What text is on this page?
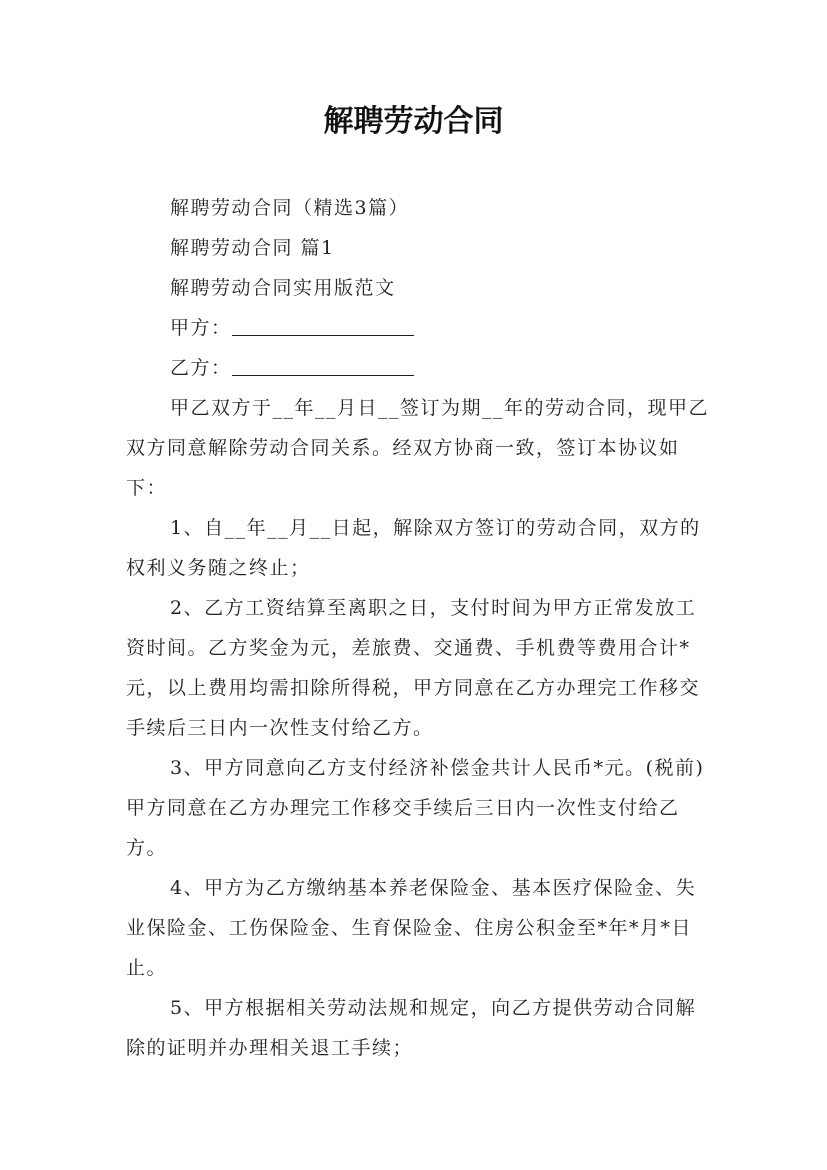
解聘劳动合同

解聘劳动合同（精选3篇）

解聘劳动合同 篇1

解聘劳动合同实用版范文

甲方：

乙方：

甲乙双方于__年__月日__签订为期__年的劳动合同，现甲乙双方同意解除劳动合同关系。经双方协商一致，签订本协议如下：

1、自__年__月__日起，解除双方签订的劳动合同，双方的权利义务随之终止；

2、乙方工资结算至离职之日，支付时间为甲方正常发放工资时间。乙方奖金为元，差旅费、交通费、手机费等费用合计*元，以上费用均需扣除所得税，甲方同意在乙方办理完工作移交手续后三日内一次性支付给乙方。

3、甲方同意向乙方支付经济补偿金共计人民币*元。(税前)甲方同意在乙方办理完工作移交手续后三日内一次性支付给乙方。

4、甲方为乙方缴纳基本养老保险金、基本医疗保险金、失业保险金、工伤保险金、生育保险金、住房公积金至*年*月*日止。

5、甲方根据相关劳动法规和规定，向乙方提供劳动合同解除的证明并办理相关退工手续；
